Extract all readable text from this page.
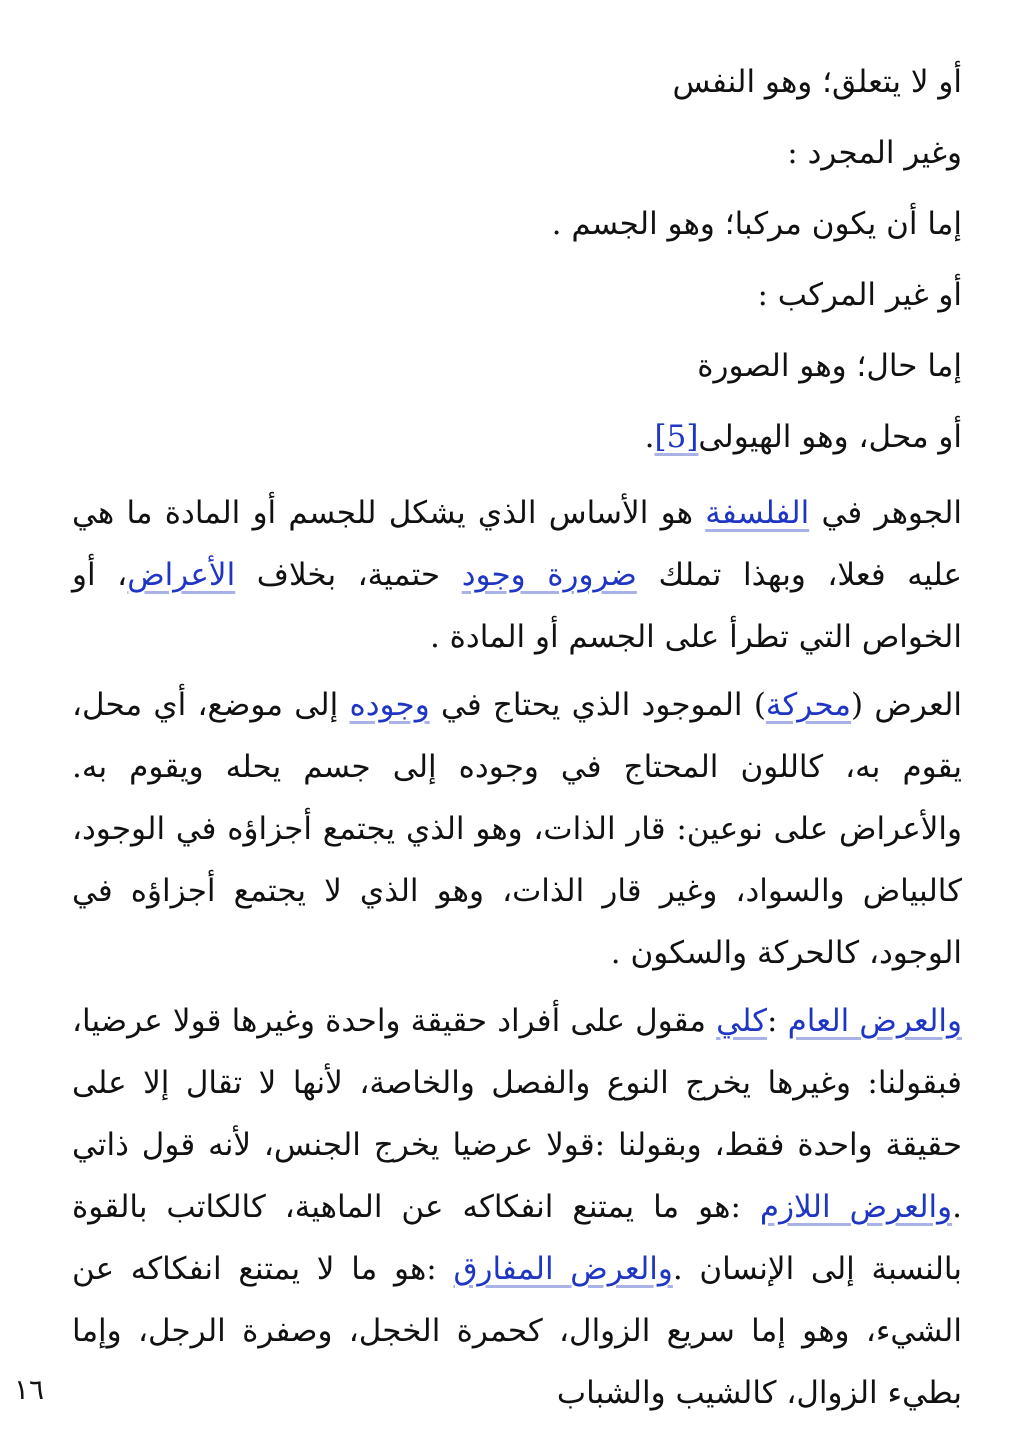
أو لا يتعلق؛ وهو النفس
وغير المجرد :
إما أن يكون مركبا؛ وهو الجسم .
أو غير المركب :
إما حال؛ وهو الصورة
أو محل، وهو الهيولى[5].

الجوهر في الفلسفة هو الأساس الذي يشكل للجسم أو المادة ما هي عليه فعلا، وبهذا تملك ضرورة وجود حتمية، بخلاف الأعراض، أو الخواص التي تطرأ على الجسم أو المادة .

العرض (محركة) الموجود الذي يحتاج في وجوده إلى موضع، أي محل، يقوم به، كاللون المحتاج في وجوده إلى جسم يحله ويقوم به. والأعراض على نوعين: قار الذات، وهو الذي يجتمع أجزاؤه في الوجود، كالبياض والسواد، وغير قار الذات، وهو الذي لا يجتمع أجزاؤه في الوجود، كالحركة والسكون .

والعرض العام :كلي مقول على أفراد حقيقة واحدة وغيرها قولا عرضيا، فبقولنا: وغيرها يخرج النوع والفصل والخاصة، لأنها لا تقال إلا على حقيقة واحدة فقط، وبقولنا :قولا عرضيا يخرج الجنس، لأنه قول ذاتي .والعرض اللازم :هو ما يمتنع انفكاكه عن الماهية، كالكاتب بالقوة بالنسبة إلى الإنسان .والعرض المفارق :هو ما لا يمتنع انفكاكه عن الشيء، وهو إما سريع الزوال، كحمرة الخجل، وصفرة الرجل، وإما بطيء الزوال، كالشيب والشباب

١٦
